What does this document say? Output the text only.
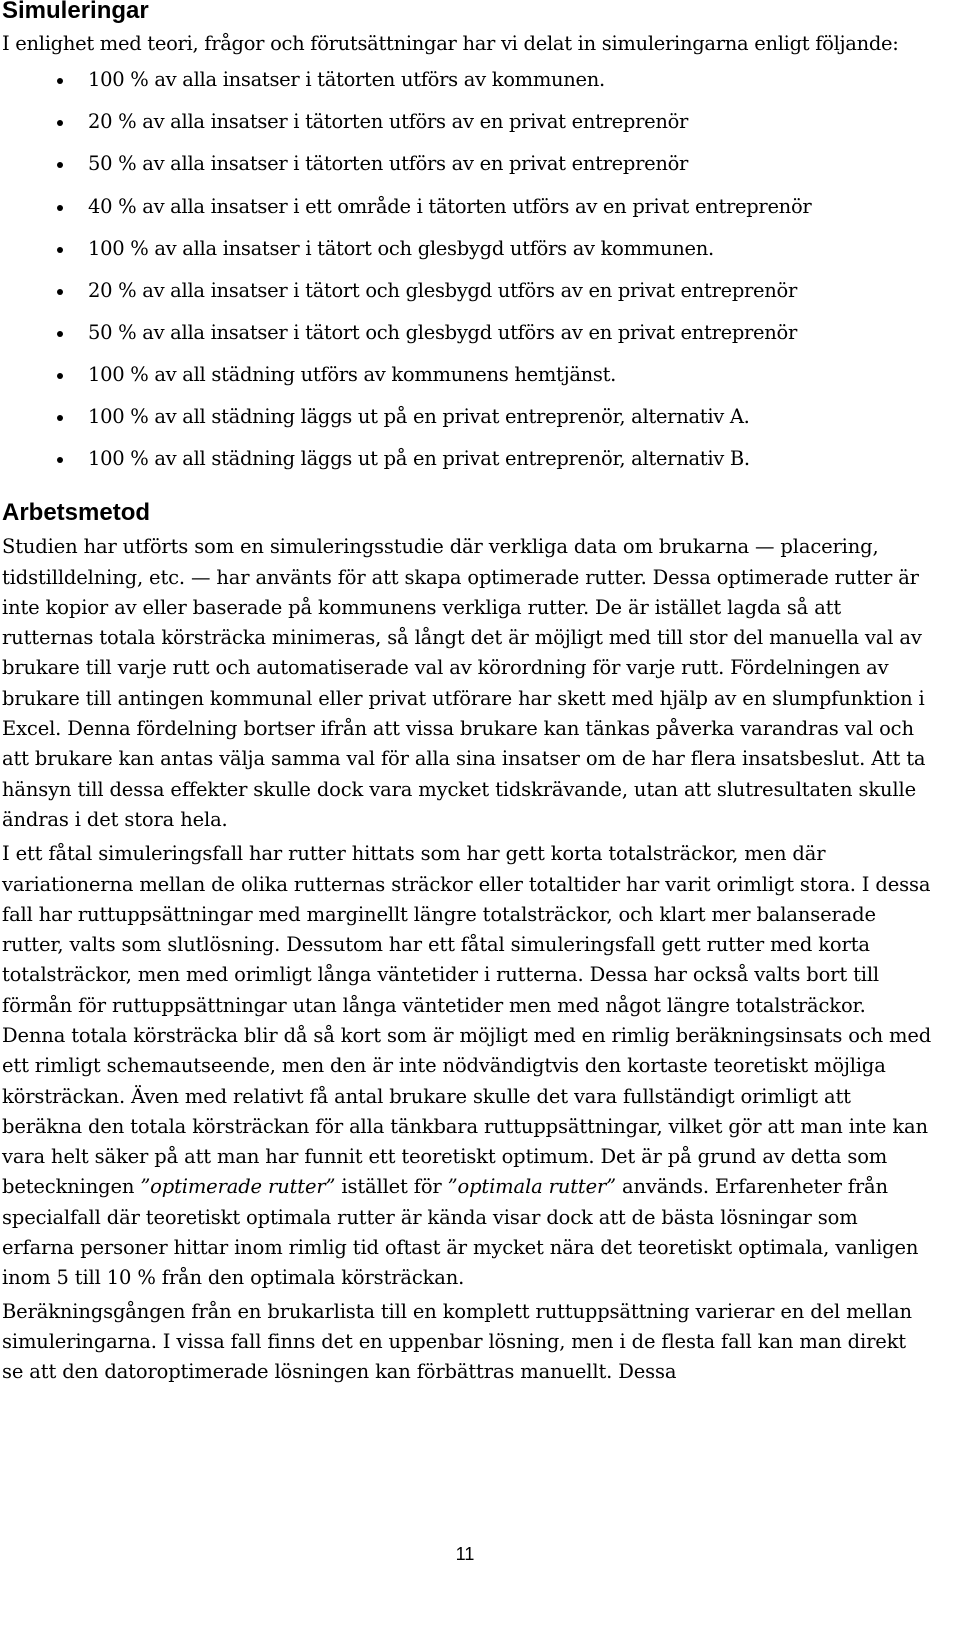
Simuleringar

I enlighet med teori, frågor och förutsättningar har vi delat in simuleringarna enligt följande:

100 % av alla insatser i tätorten utförs av kommunen.
20 % av alla insatser i tätorten utförs av en privat entreprenör
50 % av alla insatser i tätorten utförs av en privat entreprenör
40 % av alla insatser i ett område i tätorten utförs av en privat entreprenör
100 % av alla insatser i tätort och glesbygd utförs av kommunen.
20 % av alla insatser i tätort och glesbygd utförs av en privat entreprenör
50 % av alla insatser i tätort och glesbygd utförs av en privat entreprenör
100 % av all städning utförs av kommunens hemtjänst.
100 % av all städning läggs ut på en privat entreprenör, alternativ A.
100 % av all städning läggs ut på en privat entreprenör, alternativ B.
Arbetsmetod

Studien har utförts som en simuleringsstudie där verkliga data om brukarna — placering, tidstilldelning, etc. — har använts för att skapa optimerade rutter. Dessa optimerade rutter är inte kopior av eller baserade på kommunens verkliga rutter. De är istället lagda så att rutternas totala körsträcka minimeras, så långt det är möjligt med till stor del manuella val av brukare till varje rutt och automatiserade val av körordning för varje rutt. Fördelningen av brukare till antingen kommunal eller privat utförare har skett med hjälp av en slumpfunktion i Excel. Denna fördelning bortser ifrån att vissa brukare kan tänkas påverka varandras val och att brukare kan antas välja samma val för alla sina insatser om de har flera insatsbeslut. Att ta hänsyn till dessa effekter skulle dock vara mycket tidskrävande, utan att slutresultaten skulle ändras i det stora hela.

I ett fåtal simuleringsfall har rutter hittats som har gett korta totalsträckor, men där variationerna mellan de olika rutternas sträckor eller totaltider har varit orimligt stora. I dessa fall har ruttuppsättningar med marginellt längre totalsträckor, och klart mer balanserade rutter, valts som slutlösning. Dessutom har ett fåtal simuleringsfall gett rutter med korta totalsträckor, men med orimligt långa väntetider i rutterna. Dessa har också valts bort till förmån för ruttuppsättningar utan långa väntetider men med något längre totalsträckor. Denna totala körsträcka blir då så kort som är möjligt med en rimlig beräkningsinsats och med ett rimligt schemautseende, men den är inte nödvändigtvis den kortaste teoretiskt möjliga körsträckan. Även med relativt få antal brukare skulle det vara fullständigt orimligt att beräkna den totala körsträckan för alla tänkbara ruttuppsättningar, vilket gör att man inte kan vara helt säker på att man har funnit ett teoretiskt optimum. Det är på grund av detta som beteckningen ”optimerade rutter” istället för ”optimala rutter” används. Erfarenheter från specialfall där teoretiskt optimala rutter är kända visar dock att de bästa lösningar som erfarna personer hittar inom rimlig tid oftast är mycket nära det teoretiskt optimala, vanligen inom 5 till 10 % från den optimala körsträckan.

Beräkningsgången från en brukarlista till en komplett ruttuppsättning varierar en del mellan simuleringarna. I vissa fall finns det en uppenbar lösning, men i de flesta fall kan man direkt se att den datoroptimerade lösningen kan förbättras manuellt. Dessa

11
